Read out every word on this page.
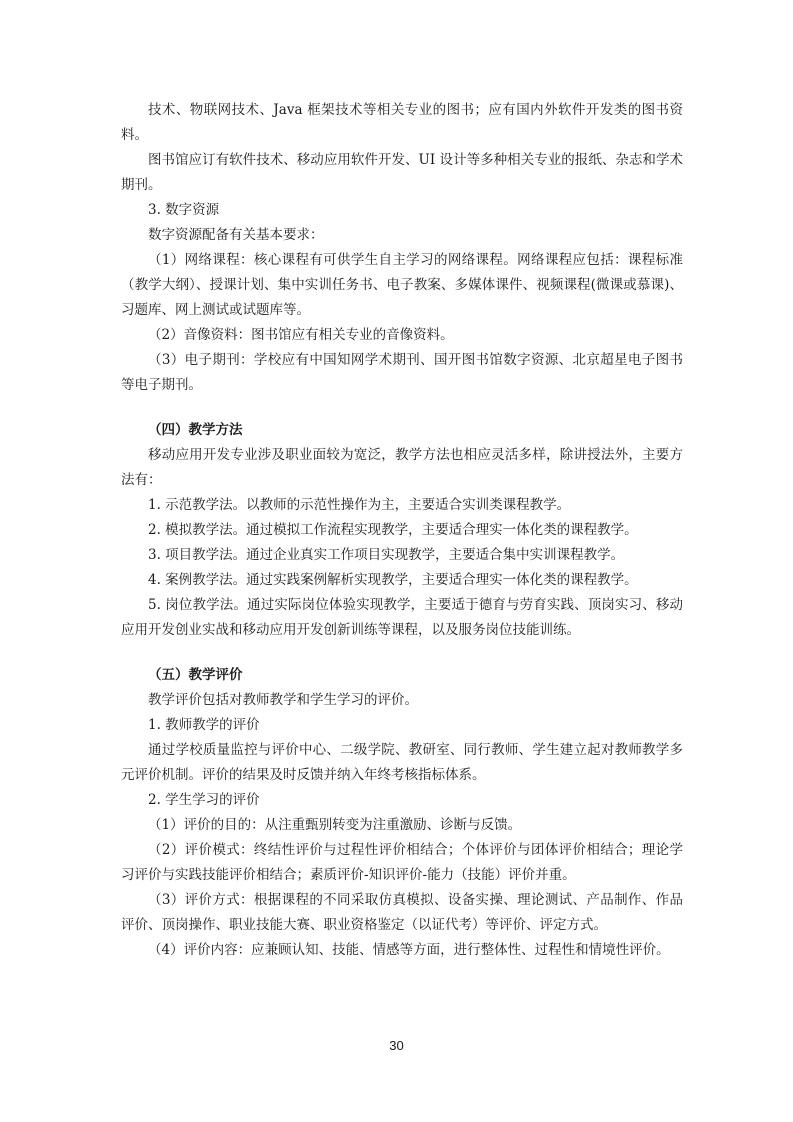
技术、物联网技术、Java 框架技术等相关专业的图书；应有国内外软件开发类的图书资料。

图书馆应订有软件技术、移动应用软件开发、UI 设计等多种相关专业的报纸、杂志和学术期刊。

3. 数字资源

数字资源配备有关基本要求：

（1）网络课程：核心课程有可供学生自主学习的网络课程。网络课程应包括：课程标准（教学大纲）、授课计划、集中实训任务书、电子教案、多媒体课件、视频课程(微课或慕课)、习题库、网上测试或试题库等。

（2）音像资料：图书馆应有相关专业的音像资料。

（3）电子期刊：学校应有中国知网学术期刊、国开图书馆数字资源、北京超星电子图书等电子期刊。

（四）教学方法

移动应用开发专业涉及职业面较为宽泛，教学方法也相应灵活多样，除讲授法外，主要方法有：

1. 示范教学法。以教师的示范性操作为主，主要适合实训类课程教学。

2. 模拟教学法。通过模拟工作流程实现教学，主要适合理实一体化类的课程教学。

3. 项目教学法。通过企业真实工作项目实现教学，主要适合集中实训课程教学。

4. 案例教学法。通过实践案例解析实现教学，主要适合理实一体化类的课程教学。

5. 岗位教学法。通过实际岗位体验实现教学，主要适于德育与劳育实践、顶岗实习、移动应用开发创业实战和移动应用开发创新训练等课程，以及服务岗位技能训练。

（五）教学评价

教学评价包括对教师教学和学生学习的评价。

1. 教师教学的评价

通过学校质量监控与评价中心、二级学院、教研室、同行教师、学生建立起对教师教学多元评价机制。评价的结果及时反馈并纳入年终考核指标体系。

2. 学生学习的评价

（1）评价的目的：从注重甄别转变为注重激励、诊断与反馈。

（2）评价模式：终结性评价与过程性评价相结合；个体评价与团体评价相结合；理论学习评价与实践技能评价相结合；素质评价-知识评价-能力（技能）评价并重。

（3）评价方式：根据课程的不同采取仿真模拟、设备实操、理论测试、产品制作、作品评价、顶岗操作、职业技能大赛、职业资格鉴定（以证代考）等评价、评定方式。

（4）评价内容：应兼顾认知、技能、情感等方面，进行整体性、过程性和情境性评价。

30
